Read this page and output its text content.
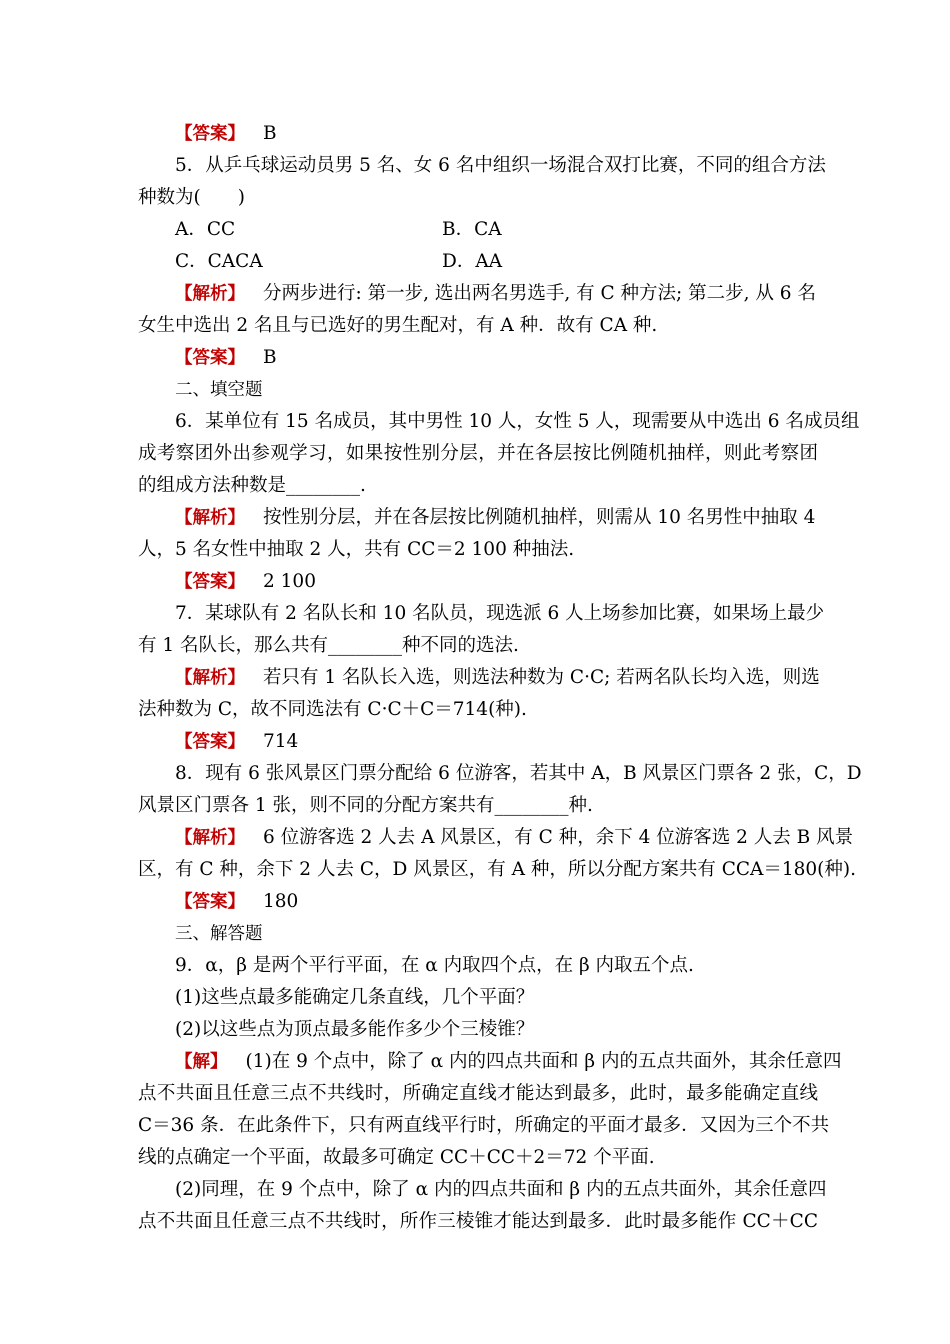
【答案】 B
5．从乒乓球运动员男 5 名、女 6 名中组织一场混合双打比赛，不同的组合方法
种数为(　　)
A．CC	B．CA
C．CACA	D．AA
【解析】 分两步进行: 第一步, 选出两名男选手, 有 C 种方法; 第二步, 从 6 名
女生中选出 2 名且与已选好的男生配对，有 A 种．故有 CA 种.
【答案】 B
二、填空题
6．某单位有 15 名成员，其中男性 10 人，女性 5 人，现需要从中选出 6 名成员组
成考察团外出参观学习，如果按性别分层，并在各层按比例随机抽样，则此考察团
的组成方法种数是________.
【解析】 按性别分层，并在各层按比例随机抽样，则需从 10 名男性中抽取 4
人，5 名女性中抽取 2 人，共有 CC＝2 100 种抽法.
【答案】 2 100
7．某球队有 2 名队长和 10 名队员，现选派 6 人上场参加比赛，如果场上最少
有 1 名队长，那么共有________种不同的选法.
【解析】 若只有 1 名队长入选，则选法种数为 C·C; 若两名队长均入选，则选
法种数为 C，故不同选法有 C·C＋C＝714(种).
【答案】 714
8．现有 6 张风景区门票分配给 6 位游客，若其中 A，B 风景区门票各 2 张，C，D
风景区门票各 1 张，则不同的分配方案共有________种.
【解析】 6 位游客选 2 人去 A 风景区，有 C 种，余下 4 位游客选 2 人去 B 风景
区，有 C 种，余下 2 人去 C，D 风景区，有 A 种，所以分配方案共有 CCA＝180(种).
【答案】 180
三、解答题
9．α，β 是两个平行平面，在 α 内取四个点，在 β 内取五个点.
(1)这些点最多能确定几条直线，几个平面？
(2)以这些点为顶点最多能作多少个三棱锥？
【解】 (1)在 9 个点中，除了 α 内的四点共面和 β 内的五点共面外，其余任意四
点不共面且任意三点不共线时，所确定直线才能达到最多，此时，最多能确定直线
C＝36 条．在此条件下，只有两直线平行时，所确定的平面才最多．又因为三个不共
线的点确定一个平面，故最多可确定 CC＋CC＋2＝72 个平面.
(2)同理，在 9 个点中，除了 α 内的四点共面和 β 内的五点共面外，其余任意四
点不共面且任意三点不共线时，所作三棱锥才能达到最多．此时最多能作 CC＋CC
